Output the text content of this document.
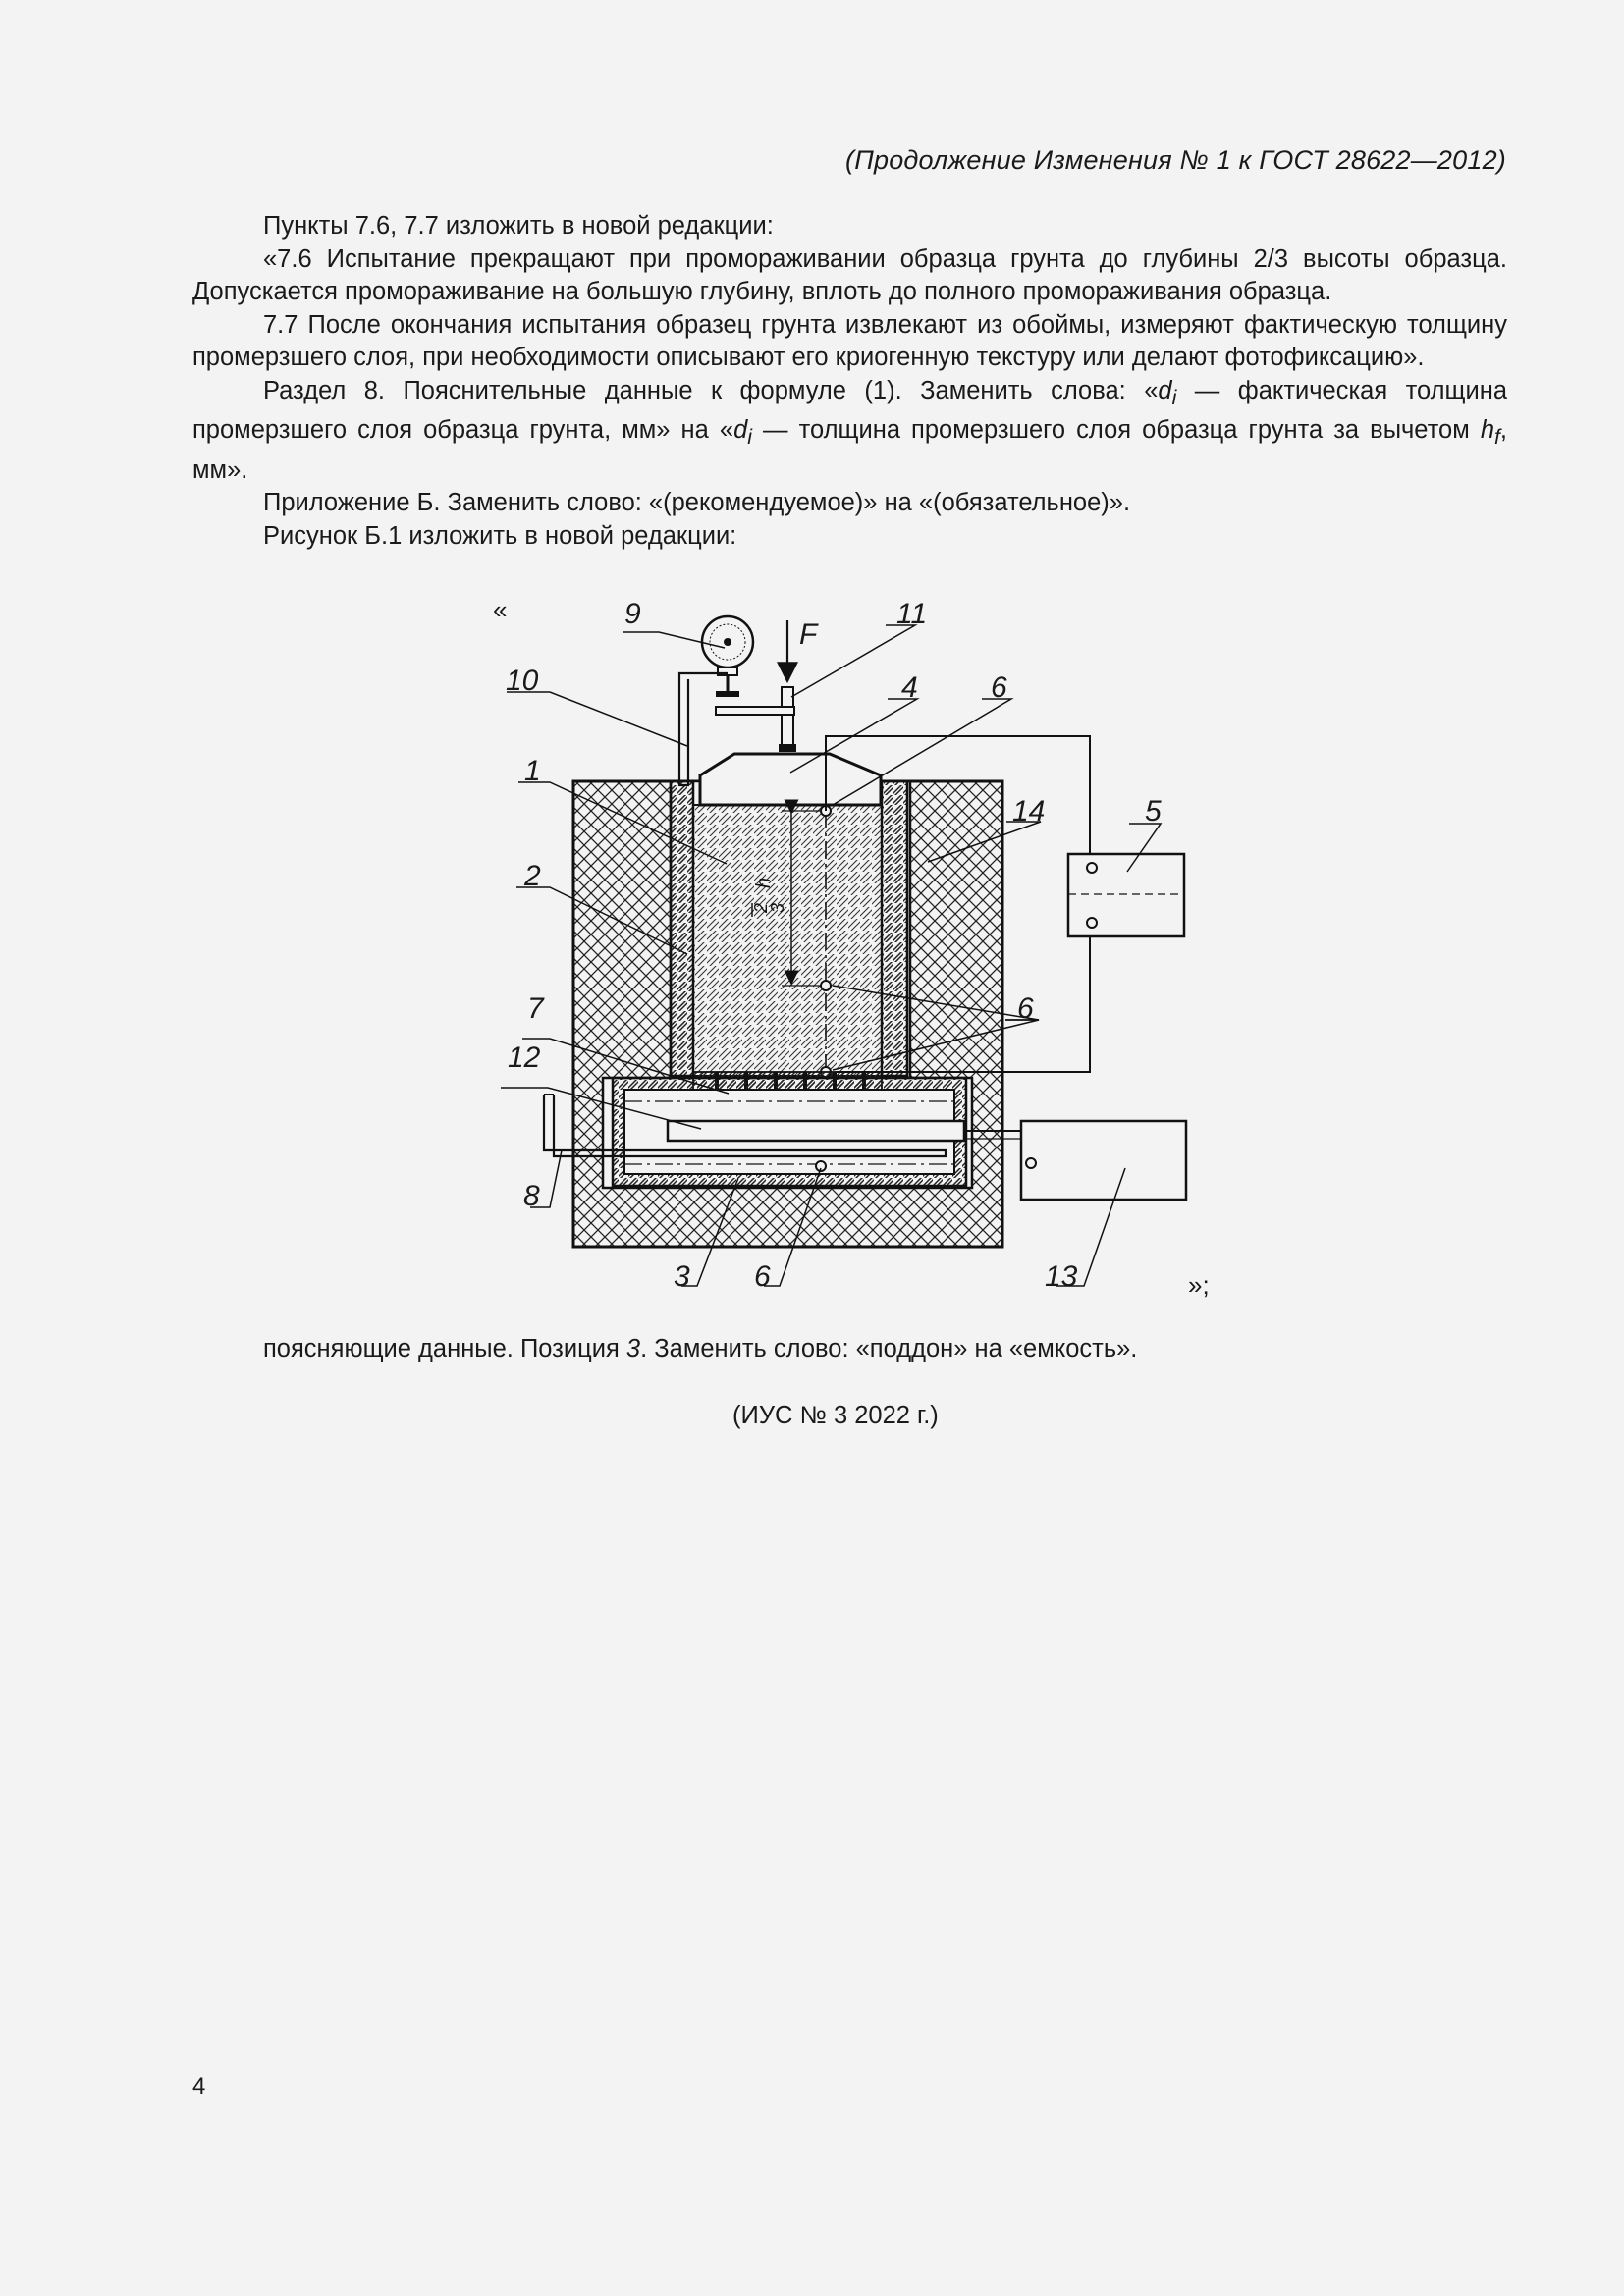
(Продолжение Изменения № 1 к ГОСТ 28622—2012)

Пункты 7.6, 7.7 изложить в новой редакции:

«7.6 Испытание прекращают при промораживании образца грунта до глубины 2/3 высоты образца. Допускается промораживание на большую глубину, вплоть до полного промораживания образца.

7.7 После окончания испытания образец грунта извлекают из обоймы, измеряют фактическую толщину промерзшего слоя, при необходимости описывают его криогенную текстуру или делают фотофиксацию».

Раздел 8. Пояснительные данные к формуле (1). Заменить слова: «$d_i$ — фактическая толщина промерзшего слоя образца грунта, мм» на «$d_i$ — толщина промерзшего слоя образца грунта за вычетом $h_f$, мм».

Приложение Б. Заменить слово: «(рекомендуемое)» на «(обязательное)».

Рисунок Б.1 изложить в новой редакции:

«
2
3
h
F
9
10
11
4 6
1
14	5
2
6
7
12
8
3 6	13	»;
поясняющие данные. Позиция 3. Заменить слово: «поддон» на «емкость».
(ИУС № 3 2022 г.)
4
